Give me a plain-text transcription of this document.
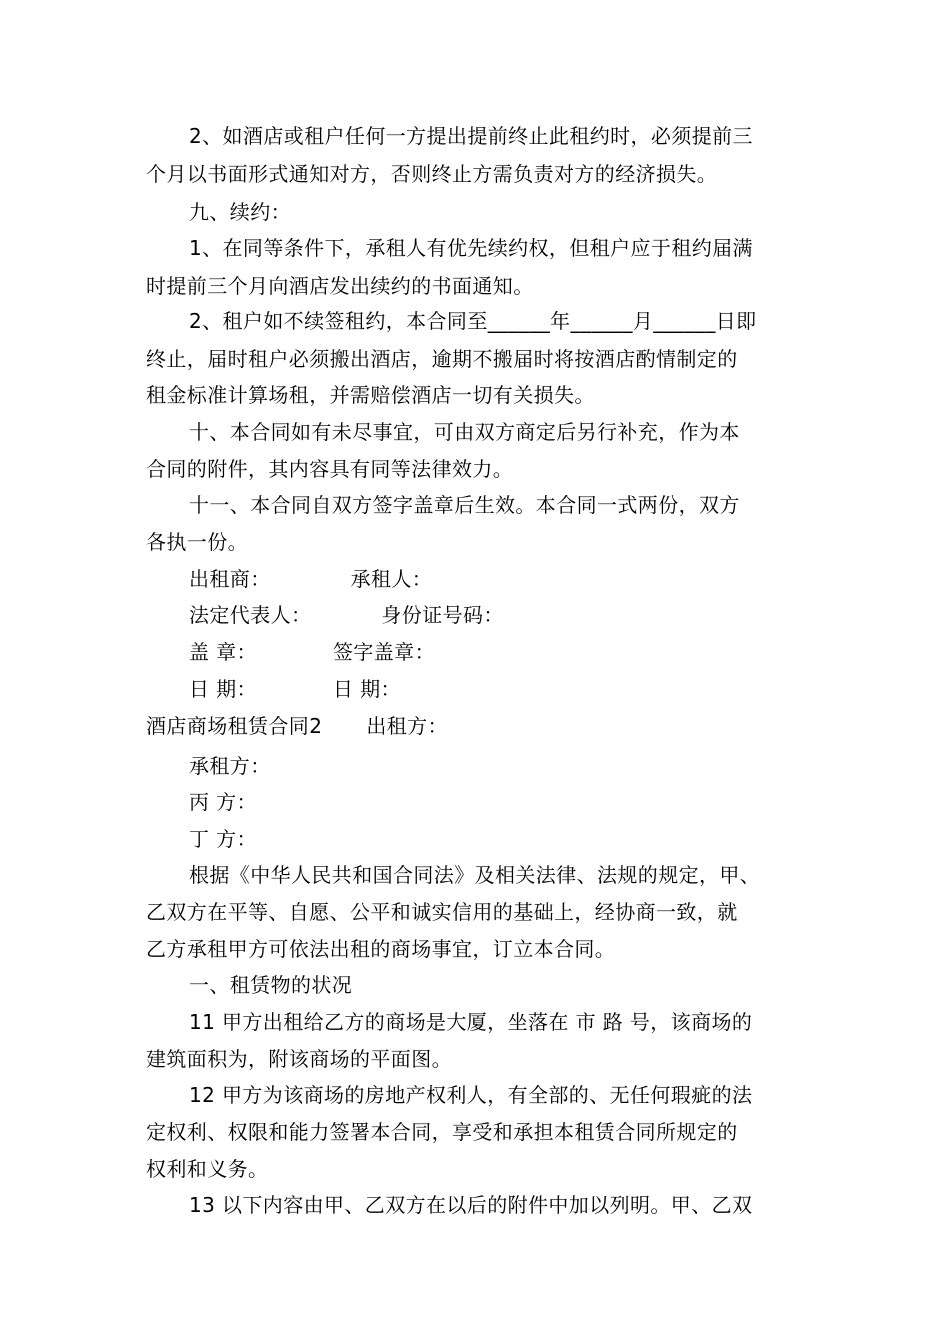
2、如酒店或租户任何一方提出提前终止此租约时，必须提前三
个月以书面形式通知对方，否则终止方需负责对方的经济损失。
九、续约：
1、在同等条件下，承租人有优先续约权，但租户应于租约届满
时提前三个月向酒店发出续约的书面通知。
2、租户如不续签租约，本合同至______年______月______日即
终止，届时租户必须搬出酒店，逾期不搬届时将按酒店酌情制定的
租金标准计算场租，并需赔偿酒店一切有关损失。
十、本合同如有未尽事宜，可由双方商定后另行补充，作为本
合同的附件，其内容具有同等法律效力。
十一、本合同自双方签字盖章后生效。本合同一式两份，双方
各执一份。
出租商：	承租人：
法定代表人：	身份证号码：
盖 章：	签字盖章：
日 期：	日 期：
酒店商场租赁合同2 出租方：
承租方：
丙 方：
丁 方：
根据《中华人民共和国合同法》及相关法律、法规的规定，甲、
乙双方在平等、自愿、公平和诚实信用的基础上，经协商一致，就
乙方承租甲方可依法出租的商场事宜，订立本合同。
一、租赁物的状况
11 甲方出租给乙方的商场是大厦，坐落在 市 路 号，该商场的
建筑面积为，附该商场的平面图。
12 甲方为该商场的房地产权利人，有全部的、无任何瑕疵的法
定权利、权限和能力签署本合同，享受和承担本租赁合同所规定的
权利和义务。
13 以下内容由甲、乙双方在以后的附件中加以列明。甲、乙双
